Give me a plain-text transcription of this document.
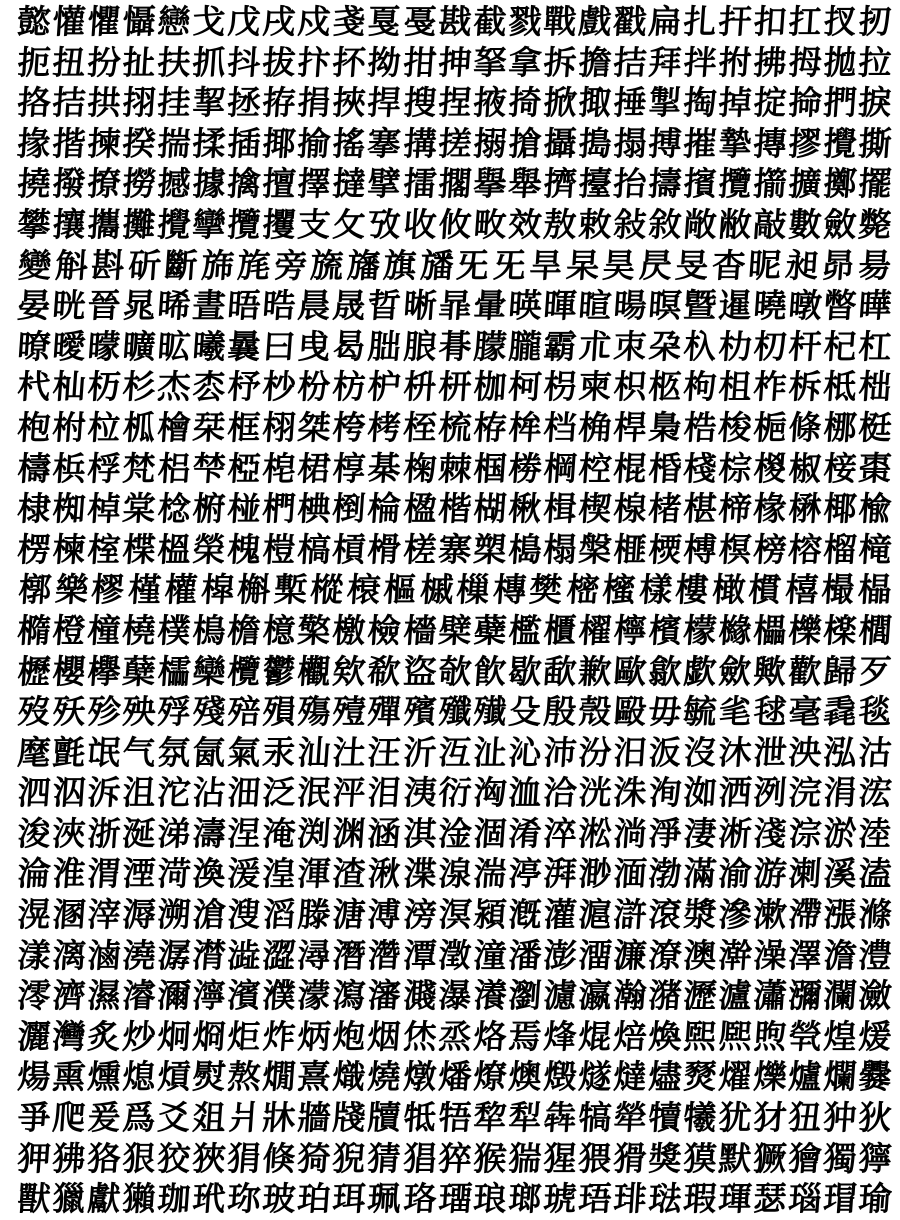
懿 懽 懼 懾 戀 戈 戊 戌 戍 戔 戛 戞 戡 截 戮 戰 戲 戳 扁 扎 扞 扣 扛 扠 扨
扼 扭 扮 扯 扶 抓 抖 拔 抃 抔 拗 拑 抻 拏 拿 拆 擔 拮 拜 拌 拊 拂 拇 拋 拉
挌 拮 拱 挧 挂 挈 拯 拵 捐 挾 捍 搜 捏 掖 掎 掀 掫 捶 掣 掏 掉 掟 掵 捫 捩
掾 揩 揀 揆 揣 揉 插 揶 揄 搖 搴 搆 搓 搦 搶 攝 搗 搨 搏 摧 摯 摶 摎 攪 撕
撓 撥 撩 撈 撼 據 擒 擅 擇 撻 擘 擂 擱 擧 舉 擠 擡 抬 擣 擯 攬 擶 擴 擲 擺
攀 攘 攜 攤 攪 攣 攬 攫 支 攵 攷 收 攸 畋 效 敖 敕 敍 敘 敞 敝 敲 數 斂 斃
變 斛 斟 斫 斷 旆 旄 旁 旒 旛 旗 旙 旡 旡 旱 杲 昊 昃 旻 杳 昵 昶 昴 昜
晏 晄 晉 晁 晞 晝 晤 晧 晨 晟 晢 晰 暃 暈 暎 暉 暄 暘 暝 曁 暹 曉 暾 暼 曄
暸 曖 曚 曠 昿 曦 曩 曰 曵 曷 朏 朖 朞 朦 朧 霸 朮 朿 朶 杁 朸 朷 杆 杞 杠
杙 杣 杤 杉 杰 枩 杼 杪 枌 枋 枦 枡 枅 枷 柯 枴 柬 枳 柩 枸 柤 柞 柝 柢 柮
枹 柎 柆 柧 檜 栞 框 栩 桀 桍 栲 桎 梳 栫 桙 档 桷 桿 梟 梏 梭 梔 條 梛 梃
檮 梹 桴 梵 梠 梺 椏 梍 桾 椁 棊 椈 棘 椢 椦 棡 椌 棍 棔 棧 棕 椶 椒 椄 棗
棣 椥 棹 棠 棯 椨 椪 椚 椣 椡 棆 楹 楷 楜 楸 楫 楔 楾 楮 椹 楴 椽 楙 椰 楡
楞 楝 榁 楪 榲 榮 槐 榿 槁 槓 榾 槎 寨 槊 槝 榻 槃 榧 樮 榑 榠 榜 榕 榴 槞
槨 樂 樛 槿 權 槹 槲 槧 樅 榱 樞 槭 樔 槫 樊 樒 櫁 樣 樓 橄 樌 橲 樶 橸
橢 橙 橦 橈 樸 樢 檐 檍 檠 檄 檢 檣 檗 蘗 檻 櫃 櫂 檸 檳 檬 櫞 櫑 櫟 檪 櫚
櫪 櫻 欅 蘖 櫺 欒 欖 鬱 欟 欸 欷 盜 欹 飮 歇 歃 歉 歐 歙 歔 歛 歟 歡 歸 歹
歿 殀 殄 殃 殍 殘 殕 殞 殤 殪 殫 殯 殲 殱 殳 殷 殼 毆 毋 毓 毟 毬 毫 毳 毯
麾 氈 氓 气 氛 氤 氣 汞 汕 汢 汪 沂 沍 沚 沁 沛 汾 汨 汳 沒 沐 泄 泱 泓 沽
泗 泅 泝 沮 沱 沾 沺 泛 泯 泙 泪 洟 衍 洶 洫 洽 洸 洙 洵 洳 洒 洌 浣 涓 浤
浚 浹 浙 涎 涕 濤 涅 淹 渕 渊 涵 淇 淦 涸 淆 淬 淞 淌 淨 淒 淅 淺 淙 淤 淕
淪 淮 渭 湮 渮 渙 湲 湟 渾 渣 湫 渫 湶 湍 渟 湃 渺 湎 渤 滿 渝 游 溂 溪 溘
滉 溷 滓 溽 溯 滄 溲 滔 滕 溏 溥 滂 溟 潁 漑 灌 滬 滸 滾 漿 滲 漱 滯 漲 滌
漾 漓 滷 澆 潺 潸 澁 澀 潯 潛 濳 潭 澂 潼 潘 澎 澑 濂 潦 澳 澣 澡 澤 澹 澧
澪 濟 濕 濬 濔 濘 濱 濮 濛 瀉 瀋 濺 瀑 瀁 瀏 濾 瀛 瀚 潴 瀝 瀘 瀟 瀰 瀾 瀲
灑 灣 炙 炒 炯 烱 炬 炸 炳 炮 烟 烋 烝 烙 焉 烽 焜 焙 煥 煕 熈 煦 煢 煌 煖
煬 熏 燻 熄 熕 熨 熬 燗 熹 熾 燒 燉 燔 燎 燠 燬 燧 燵 燼 燹 燿 爍 爐 爛 爨
爭 爬 爰 爲 爻 爼 爿 牀 牆 牋 牘 牴 牾 犂 犁 犇 犒 犖 犢 犧 犹 犲 狃 狆 狄
狎 狒 狢 狠 狡 狹 狷 倏 猗 猊 猜 猖 猝 猴 猯 猩 猥 猾 獎 獏 默 獗 獪 獨 獰
獸 獵 獻 獺 珈 玳 珎 玻 珀 珥 珮 珞 璢 琅 瑯 琥 珸 琲 琺 瑕 琿 瑟 瑙 瑁 瑜
